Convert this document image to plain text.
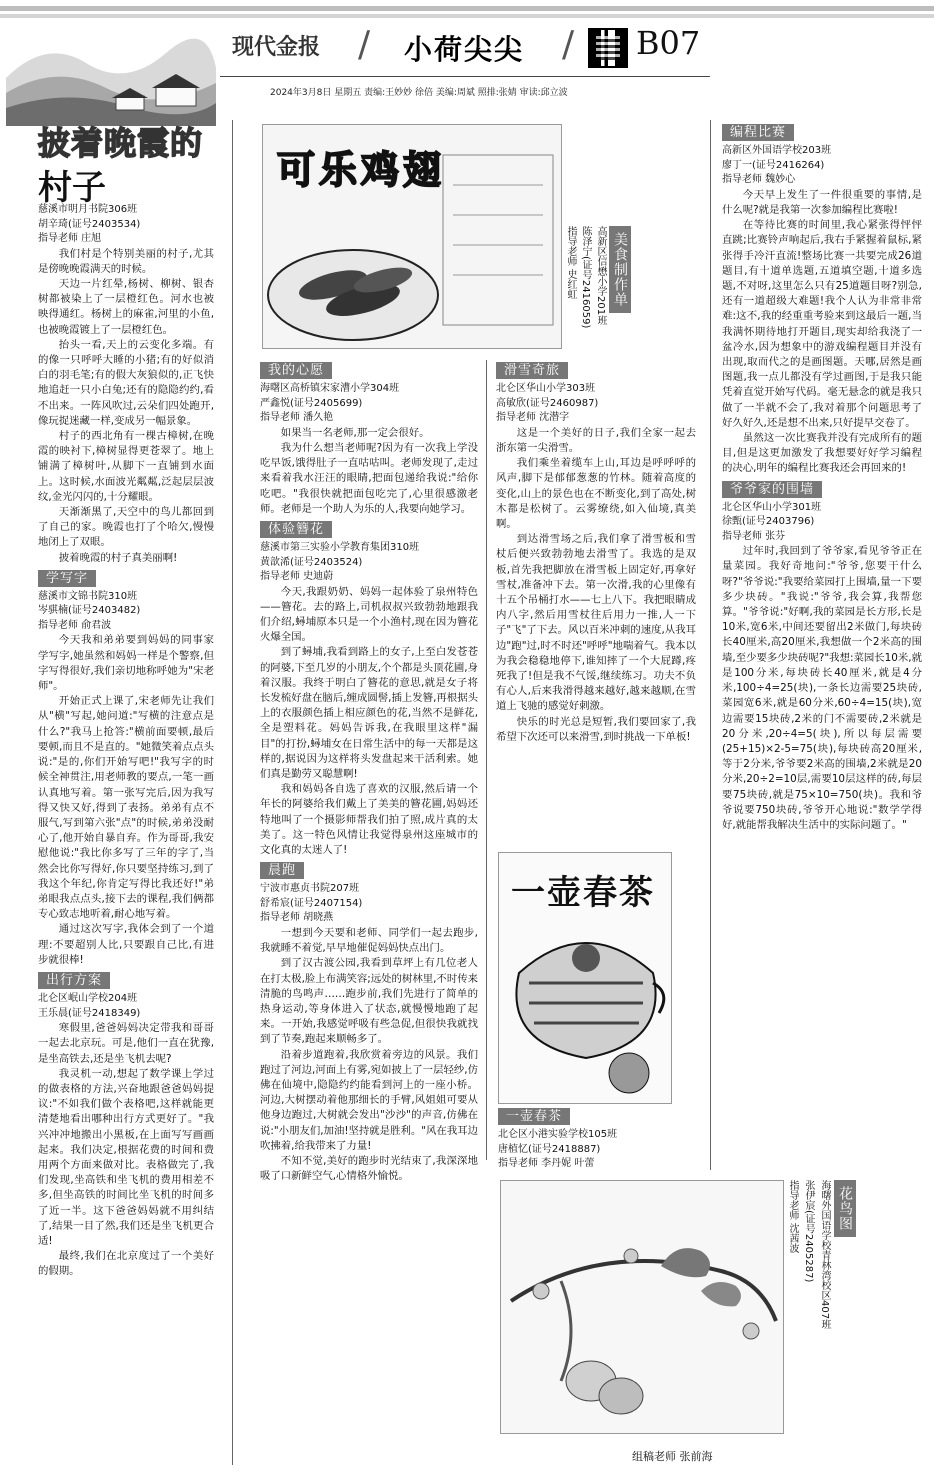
现代金报 / 小荷尖尖 / B07
2024年3月8日 星期五 责编:王妙妙 徐倍 美编:周斌 照排:张婧 审读:邱立波
披着晚霞的
村子
慈溪市明月书院306班
胡辛琦(证号2403534)
指导老师 庄旭

我们村是个特别美丽的村子,尤其是傍晚晚霞满天的时候。

天边一片红晕,杨树、柳树、银杏树都被染上了一层橙红色。河水也被映得通红。杨树上的麻雀,河里的小鱼,也被晚霞镀上了一层橙红色。

抬头一看,天上的云变化多端。有的像一只呼呼大睡的小猪;有的好似消白的羽毛笔;有的假大灰狼似的,正飞快地追赶一只小白兔;还有的隐隐约约,看不出来。一阵风吹过,云朵们四处跑开,像玩捉迷藏一样,变成另一幅景象。

村子的西北角有一棵古樟树,在晚霞的映衬下,樟树显得更苍翠了。地上铺满了樟树叶,从脚下一直铺到水面上。这时候,水面波光粼粼,泛起层层波纹,金光闪闪的,十分耀眼。

天渐渐黑了,天空中的鸟儿都回到了自己的家。晚霞也打了个哈欠,慢慢地闭上了双眼。

披着晚霞的村子真美丽啊!

学写字
慈溪市文锦书院310班
岑骐楠(证号2403482)
指导老师 俞君波

今天我和弟弟要到妈妈的同事家学写字,她虽然和妈妈一样是个警察,但字写得很好,我们亲切地称呼她为"宋老师"。

开始正式上课了,宋老师先让我们从"横"写起,她问道:"写横的注意点是什么?"我马上抢答:"横前面要顿,最后要顿,而且不是直的。"她微笑着点点头说:"是的,你们开始写吧!"我写字的时候全神贯注,用老师教的要点,一笔一画认真地写着。第一张写完后,因为我写得又快又好,得到了表扬。弟弟有点不服气,写到第六张"点"的时候,弟弟没耐心了,他开始自暴自弃。作为哥哥,我安慰他说:"我比你多写了三年的字了,当然会比你写得好,你只要坚持练习,到了我这个年纪,你肯定写得比我还好!"弟弟眼我点点头,接下去的课程,我们俩都专心致志地听着,耐心地写着。

通过这次写字,我体会到了一个道理:不要超别人比,只要跟自己比,有进步就很棒!

出行方案
北仑区岷山学校204班
王乐晨(证号2418349)

寒假里,爸爸妈妈决定带我和哥哥一起去北京玩。可是,他们一直在犹豫,是坐高铁去,还是坐飞机去呢?

我灵机一动,想起了数学课上学过的做表格的方法,兴奋地跟爸爸妈妈提议:"不如我们做个表格吧,这样就能更清楚地看出哪种出行方式更好了。"我兴冲冲地搬出小黑板,在上面写写画画起来。我们决定,根据花费的时间和费用两个方面来做对比。表格做完了,我们发现,坐高铁和坐飞机的费用相差不多,但坐高铁的时间比坐飞机的时间多了近一半。这下爸爸妈妈就不用纠结了,结果一目了然,我们还是坐飞机更合适!

最终,我们在北京度过了一个美好的假期。

可乐鸡翅
美食制作单
高新区信懋小学201班
陈泽宁(证号2416059)
指导老师 史红虹
我的心愿
海曙区高桥镇宋家漕小学304班
严鑫悦(证号2405699)
指导老师 潘久艳

如果当一名老师,那一定会很好。

我为什么想当老师呢?因为有一次我上学没吃早饭,饿得肚子一直咕咕叫。老师发现了,走过来看着我水汪汪的眼睛,把面包递给我说:"给你吃吧。"我很快就把面包吃完了,心里很感激老师。老师是一个助人为乐的人,我要向她学习。

体验簪花
慈溪市第三实验小学教育集团310班
黄歆浠(证号2403524)
指导老师 史迪蔚

今天,我跟奶奶、妈妈一起体验了泉州特色——簪花。去的路上,司机叔叔兴致勃勃地跟我们介绍,蟳埔原本只是一个小渔村,现在因为簪花火爆全国。

到了蟳埔,我看到路上的女子,上至白发苍苍的阿婆,下至几岁的小朋友,个个都是头顶花圃,身着汉服。我终于明白了簪花的意思,就是女子将长发梳好盘在脑后,缠成圆髻,插上发簪,再根据头上的衣服颜色插上相应颜色的花,当然不是鲜花,全是塑料花。妈妈告诉我,在我眼里这样"漏目"的打扮,蟳埔女在日常生活中的每一天都是这样的,据说因为这样将头发盘起来干活利索。她们真是勤劳又聪慧啊!

我和妈妈各自选了喜欢的汉服,然后请一个年长的阿婆给我们戴上了美美的簪花圃,妈妈还特地叫了一个摄影师帮我们拍了照,成片真的太美了。这一特色风情让我觉得泉州这座城市的文化真的太迷人了!

晨跑
宁波市惠贞书院207班
舒希宸(证号2407154)
指导老师 胡晓燕

一想到今天要和老师、同学们一起去跑步,我就睡不着觉,早早地催促妈妈快点出门。

到了汉古渡公园,我看到草坪上有几位老人在打太极,脸上布满笑容;远处的树林里,不时传来清脆的鸟鸣声……跑步前,我们先进行了简单的热身运动,等身体进入了状态,就慢慢地跑了起来。一开始,我感觉呼吸有些急促,但很快我就找到了节奏,跑起来顺畅多了。

沿着步道跑着,我欣赏着旁边的风景。我们跑过了河边,河面上有雾,宛如披上了一层轻纱,仿佛在仙境中,隐隐约约能看到河上的一座小桥。河边,大树摆动着他那细长的手臂,风姐姐可要从他身边跑过,大树就会发出"沙沙"的声音,仿佛在说:"小朋友们,加油!坚持就是胜利。"风在我耳边吹拂着,给我带来了力量!

不知不觉,美好的跑步时光结束了,我深深地吸了口新鲜空气,心情格外愉悦。

滑雪奇旅
北仑区华山小学303班
高敏欣(证号2460987)
指导老师 沈潜字

这是一个美好的日子,我们全家一起去浙东第一尖滑雪。

我们乘坐着缆车上山,耳边是呼呼呼的风声,脚下是郁郁葱葱的竹林。随着高度的变化,山上的景色也在不断变化,到了高处,树木都是松树了。云雾缭绕,如入仙境,真美啊。

到达滑雪场之后,我们拿了滑雪板和雪杖后便兴致勃勃地去滑雪了。我选的是双板,首先我把脚放在滑雪板上固定好,再拿好雪杖,准备冲下去。第一次滑,我的心里像有十五个吊桶打水——七上八下。我把眼睛成内八字,然后用雪杖往后用力一推,人一下子"飞"了下去。风以百米冲刺的速度,从我耳边"跑"过,时不时还"呼呼"地喘着气。我本以为我会稳稳地停下,谁知摔了一个大屁蹲,疼死我了!但是我不气馁,继续练习。功夫不负有心人,后来我滑得越来越好,越来越顺,在雪道上飞驰的感觉好刺激。

快乐的时光总是短暂,我们要回家了,我希望下次还可以来滑雪,到时挑战一下单板!

一壶春茶
一壶春茶
北仑区小港实验学校105班
唐植忆(证号2418887)
指导老师 李丹妮 叶蕾
编程比赛
高新区外国语学校203班
廖丁一(证号2416264)
指导老师 魏妙心

今天早上发生了一件很重要的事情,是什么呢?就是我第一次参加编程比赛啦!

在等待比赛的时间里,我心紧张得怦怦直跳;比赛铃声响起后,我右手紧握着鼠标,紧张得手冷汗直流!整场比赛一共要完成26道题目,有十道单选题,五道填空题,十道多选题,不对呀,这里怎么只有25道题目呀?别急,还有一道超级大难题!我个人认为非常非常难:这不,我的经重重考验来到这最后一题,当我满怀期待地打开题目,现实却给我浇了一盆冷水,因为想象中的游戏编程题目并没有出现,取而代之的是画图题。天哪,居然是画图题,我一点儿都没有学过画图,于是我只能凭着直觉开始写代码。毫无悬念的就是我只做了一半就不会了,我对着那个问题思考了好久好久,还是想不出来,只好提早交卷了。

虽然这一次比赛我并没有完成所有的题目,但是这更加激发了我想要好好学习编程的决心,明年的编程比赛我还会再回来的!

爷爷家的围墙
北仑区华山小学301班
徐甄(证号2403796)
指导老师 张芬

过年时,我回到了爷爷家,看见爷爷正在量菜园。我好奇地问:"爷爷,您要干什么呀?"爷爷说:"我要给菜园打上围墙,量一下要多少块砖。"我说:"爷爷,我会算,我帮您算。"爷爷说:"好啊,我的菜园是长方形,长是10米,宽6米,中间还要留出2米做门,每块砖长40厘米,高20厘米,我想做一个2米高的围墙,至少要多少块砖呢?"我想:菜园长10米,就是100分米,每块砖长40厘米,就是4分米,100÷4=25(块),一条长边需要25块砖,菜园宽6米,就是60分米,60÷4=15(块),宽边需要15块砖,2米的门不需要砖,2米就是20分米,20÷4=5(块),所以每层需要(25+15)×2-5=75(块),每块砖高20厘米,等于2分米,爷爷要2米高的围墙,2米就是20分米,20÷2=10层,需要10层这样的砖,每层要75块砖,就是75×10=750(块)。我和爷爷说要750块砖,爷爷开心地说:"数学学得好,就能帮我解决生活中的实际问题了。"

花鸟图
海曙外国语学校青林湾校区407班
张伊宸(证号2405287)
指导老师 沈茜波
组稿老师 张前海
